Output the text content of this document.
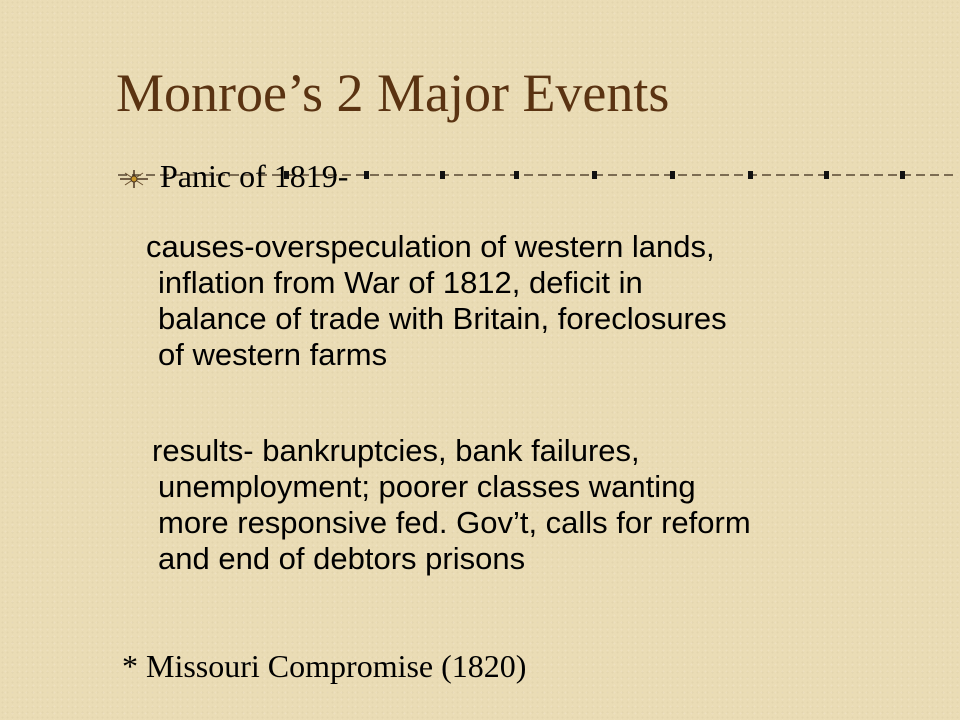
Monroe’s 2 Major Events
Panic of 1819-

causes-overspeculation of western lands,
inflation from War of 1812, deficit in
balance of trade with Britain, foreclosures
of western farms

results- bankruptcies, bank failures,
unemployment; poorer classes wanting
more responsive fed. Gov’t, calls for reform
and end of debtors prisons

* Missouri Compromise (1820)
